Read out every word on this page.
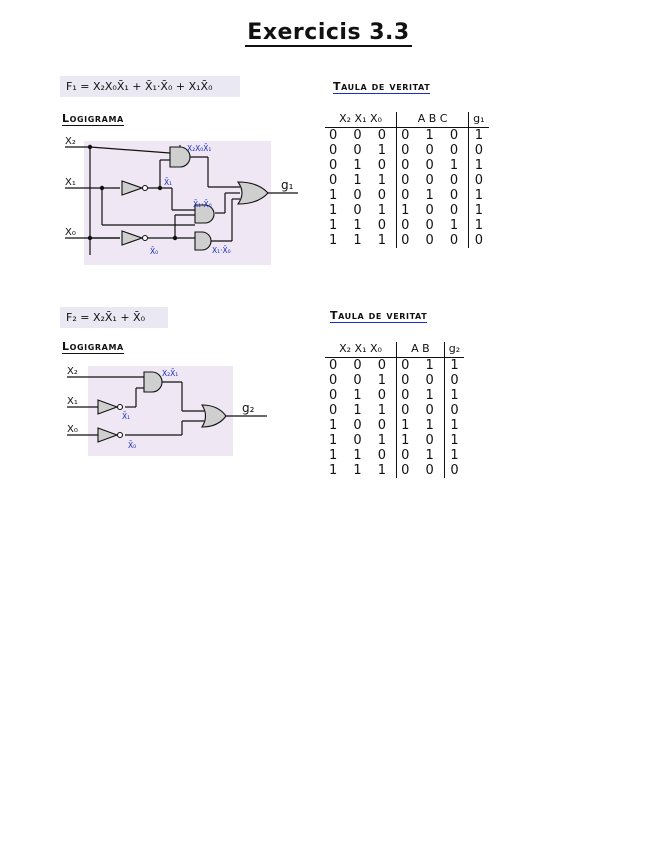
Exercicis 3.3
F₁ = X₂X₀X̄₁ + X̄₁·X̄₀ + X₁X̄₀
Logigrama
Taula de veritat
X₂
X₁
X₀
g₁
X₂X₀X̄₁
X̄₁
X̄₁·X̄₀
X̄₀	X₁·X̄₀
X₂ X₁ X₀	A B C	g₁
0 0 0	0 1 0	1
0 0 1	0 0 0	0
0 1 0	0 0 1	1
0 1 1	0 0 0	0
1 0 0	0 1 0	1
1 0 1	1 0 0	1
1 1 0	0 0 1	1
1 1 1	0 0 0	0
F₂ = X₂X̄₁ + X̄₀
Logigrama
Taula de veritat
X₂
X₁
X₀
g₂
X₂X̄₁
X̄₁
X̄₀
X₂ X₁ X₀	A B	g₂
0 0 0	0 1	1
0 0 1	0 0	0
0 1 0	0 1	1
0 1 1	0 0	0
1 0 0	1 1	1
1 0 1	1 0	1
1 1 0	0 1	1
1 1 1	0 0	0
